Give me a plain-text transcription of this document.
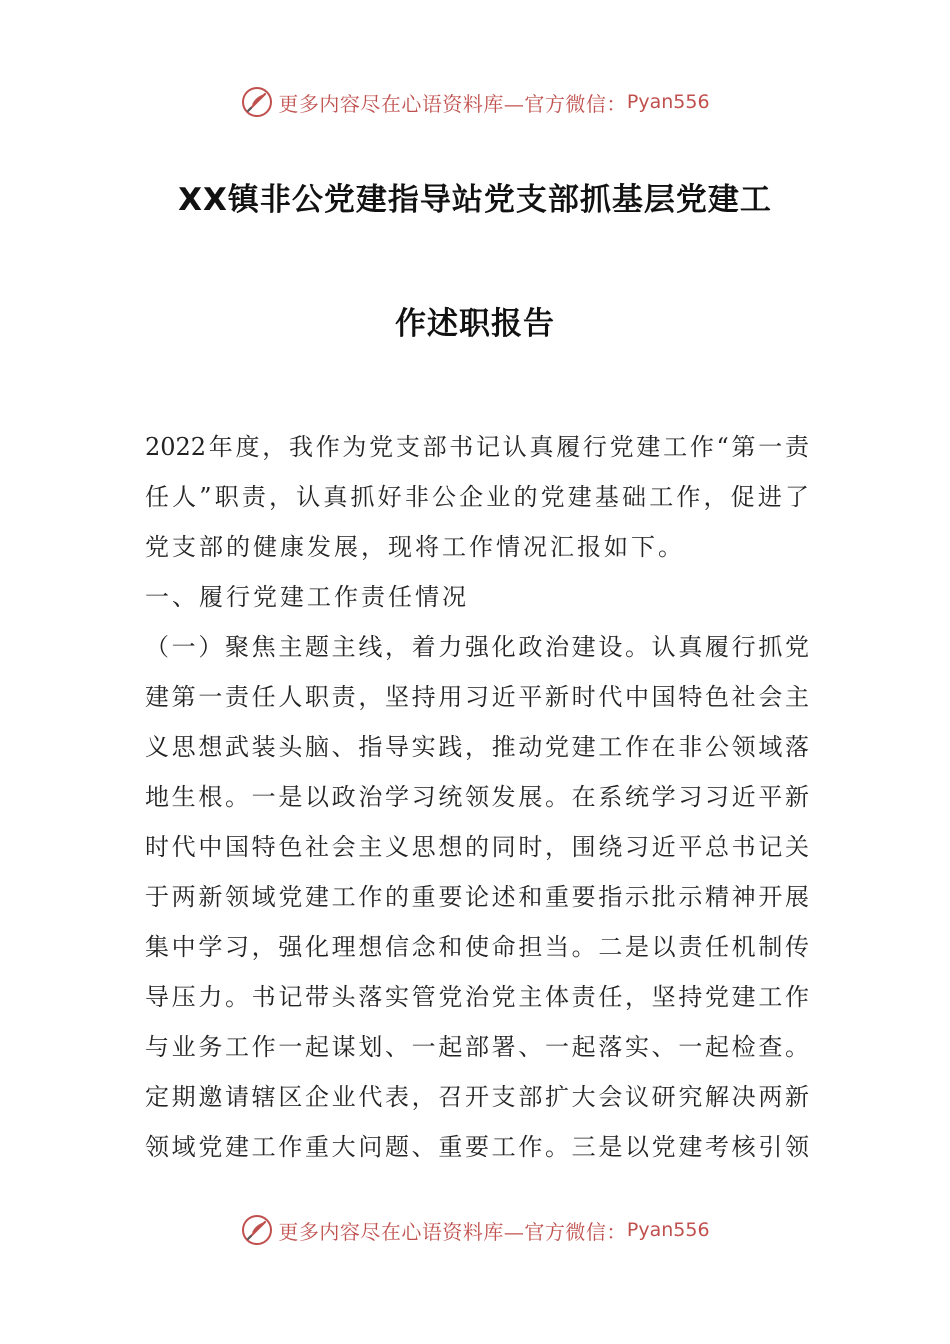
更多内容尽在心语资料库—官方微信： Pyan556
XX镇非公党建指导站党支部抓基层党建工
作述职报告
2022年度，我作为党支部书记认真履行党建工作“第一责
任人”职责，认真抓好非公企业的党建基础工作，促进了
党支部的健康发展，现将工作情况汇报如下。
一、履行党建工作责任情况
（一）聚焦主题主线，着力强化政治建设。认真履行抓党
建第一责任人职责，坚持用习近平新时代中国特色社会主
义思想武装头脑、指导实践，推动党建工作在非公领域落
地生根。一是以政治学习统领发展。在系统学习习近平新
时代中国特色社会主义思想的同时，围绕习近平总书记关
于两新领域党建工作的重要论述和重要指示批示精神开展
集中学习，强化理想信念和使命担当。二是以责任机制传
导压力。书记带头落实管党治党主体责任，坚持党建工作
与业务工作一起谋划、一起部署、一起落实、一起检查。
定期邀请辖区企业代表，召开支部扩大会议研究解决两新
领域党建工作重大问题、重要工作。三是以党建考核引领
更多内容尽在心语资料库—官方微信： Pyan556
